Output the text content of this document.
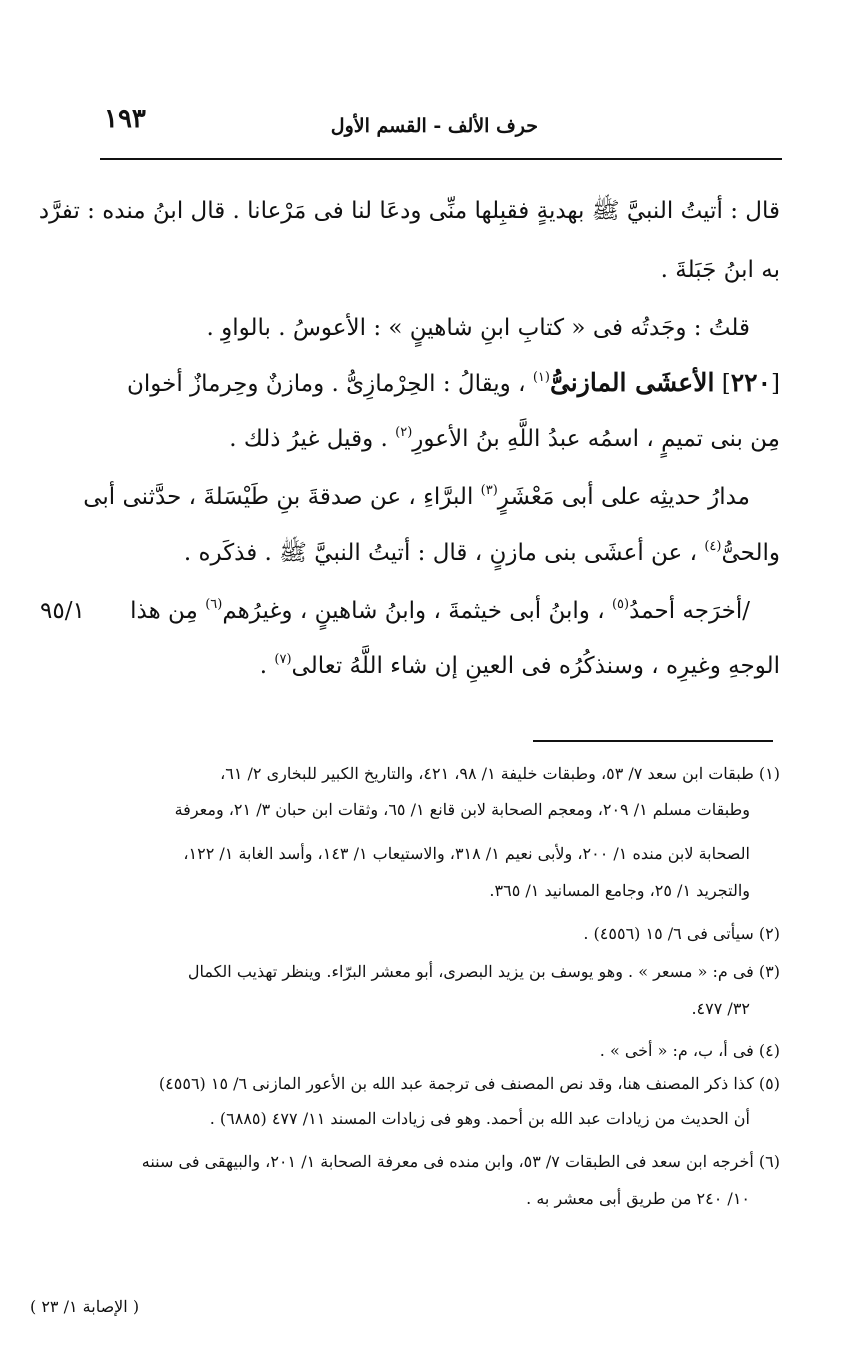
حرف الألف - القسم الأول
١٩٣
قال : أتيتُ النبيَّ ﷺ بهديةٍ فقبِلها منِّى ودعَا لنا فى مَرْعانا . قال ابنُ منده : تفرَّد
به ابنُ جَبَلةَ .
قلتُ : وجَدتُه فى « كتابِ ابنِ شاهينٍ » : الأعوسُ . بالواوِ .
[٢٢٠] الأعشَى المازنىُّ$^{(١)}$ ، ويقالُ : الحِرْمازِىُّ . ومازنٌ وحِرمازٌ أخوان
مِن بنى تميمٍ ، اسمُه عبدُ اللَّهِ بنُ الأعورِ$^{(٢)}$ . وقيل غيرُ ذلك .
مدارُ حديثِه على أبى مَعْشَرٍ$^{(٣)}$ البرَّاءِ ، عن صدقةَ بنِ طَيْسَلةَ ، حدَّثنى أبى
والحىُّ$^{(٤)}$ ، عن أعشَى بنى مازنٍ ، قال : أتيتُ النبيَّ ﷺ . فذكَره .
/أخرَجه أحمدُ$^{(٥)}$ ، وابنُ أبى خيثمةَ ، وابنُ شاهينٍ ، وغيرُهم$^{(٦)}$ مِن هذا
٩٥/١
الوجهِ وغيرِه ، وسنذكُرُه فى العينِ إن شاء اللَّهُ تعالى$^{(٧)}$ .
(١) طبقات ابن سعد ٧/ ٥٣، وطبقات خليفة ١/ ٩٨، ٤٢١، والتاريخ الكبير للبخارى ٢/ ٦١،
وطبقات مسلم ١/ ٢٠٩، ومعجم الصحابة لابن قانع ١/ ٦٥، وثقات ابن حبان ٣/ ٢١، ومعرفة
الصحابة لابن منده ١/ ٢٠٠، ولأبى نعيم ١/ ٣١٨، والاستيعاب ١/ ١٤٣، وأسد الغابة ١/ ١٢٢،
والتجريد ١/ ٢٥، وجامع المسانيد ١/ ٣٦٥.
(٢) سيأتى فى ٦/ ١٥ (٤٥٥٦) .
(٣) فى م: « مسعر » . وهو يوسف بن يزيد البصرى، أبو معشر البرّاء. وينظر تهذيب الكمال
٣٢/ ٤٧٧.
(٤) فى أ، ب، م: « أخى » .
(٥) كذا ذكر المصنف هنا، وقد نص المصنف فى ترجمة عبد الله بن الأعور المازنى ٦/ ١٥ (٤٥٥٦)
أن الحديث من زيادات عبد الله بن أحمد. وهو فى زيادات المسند ١١/ ٤٧٧ (٦٨٨٥) .
(٦) أخرجه ابن سعد فى الطبقات ٧/ ٥٣، وابن منده فى معرفة الصحابة ١/ ٢٠١، والبيهقى فى سننه
١٠/ ٢٤٠ من طريق أبى معشر به .
( الإصابة ١/ ٢٣ )
